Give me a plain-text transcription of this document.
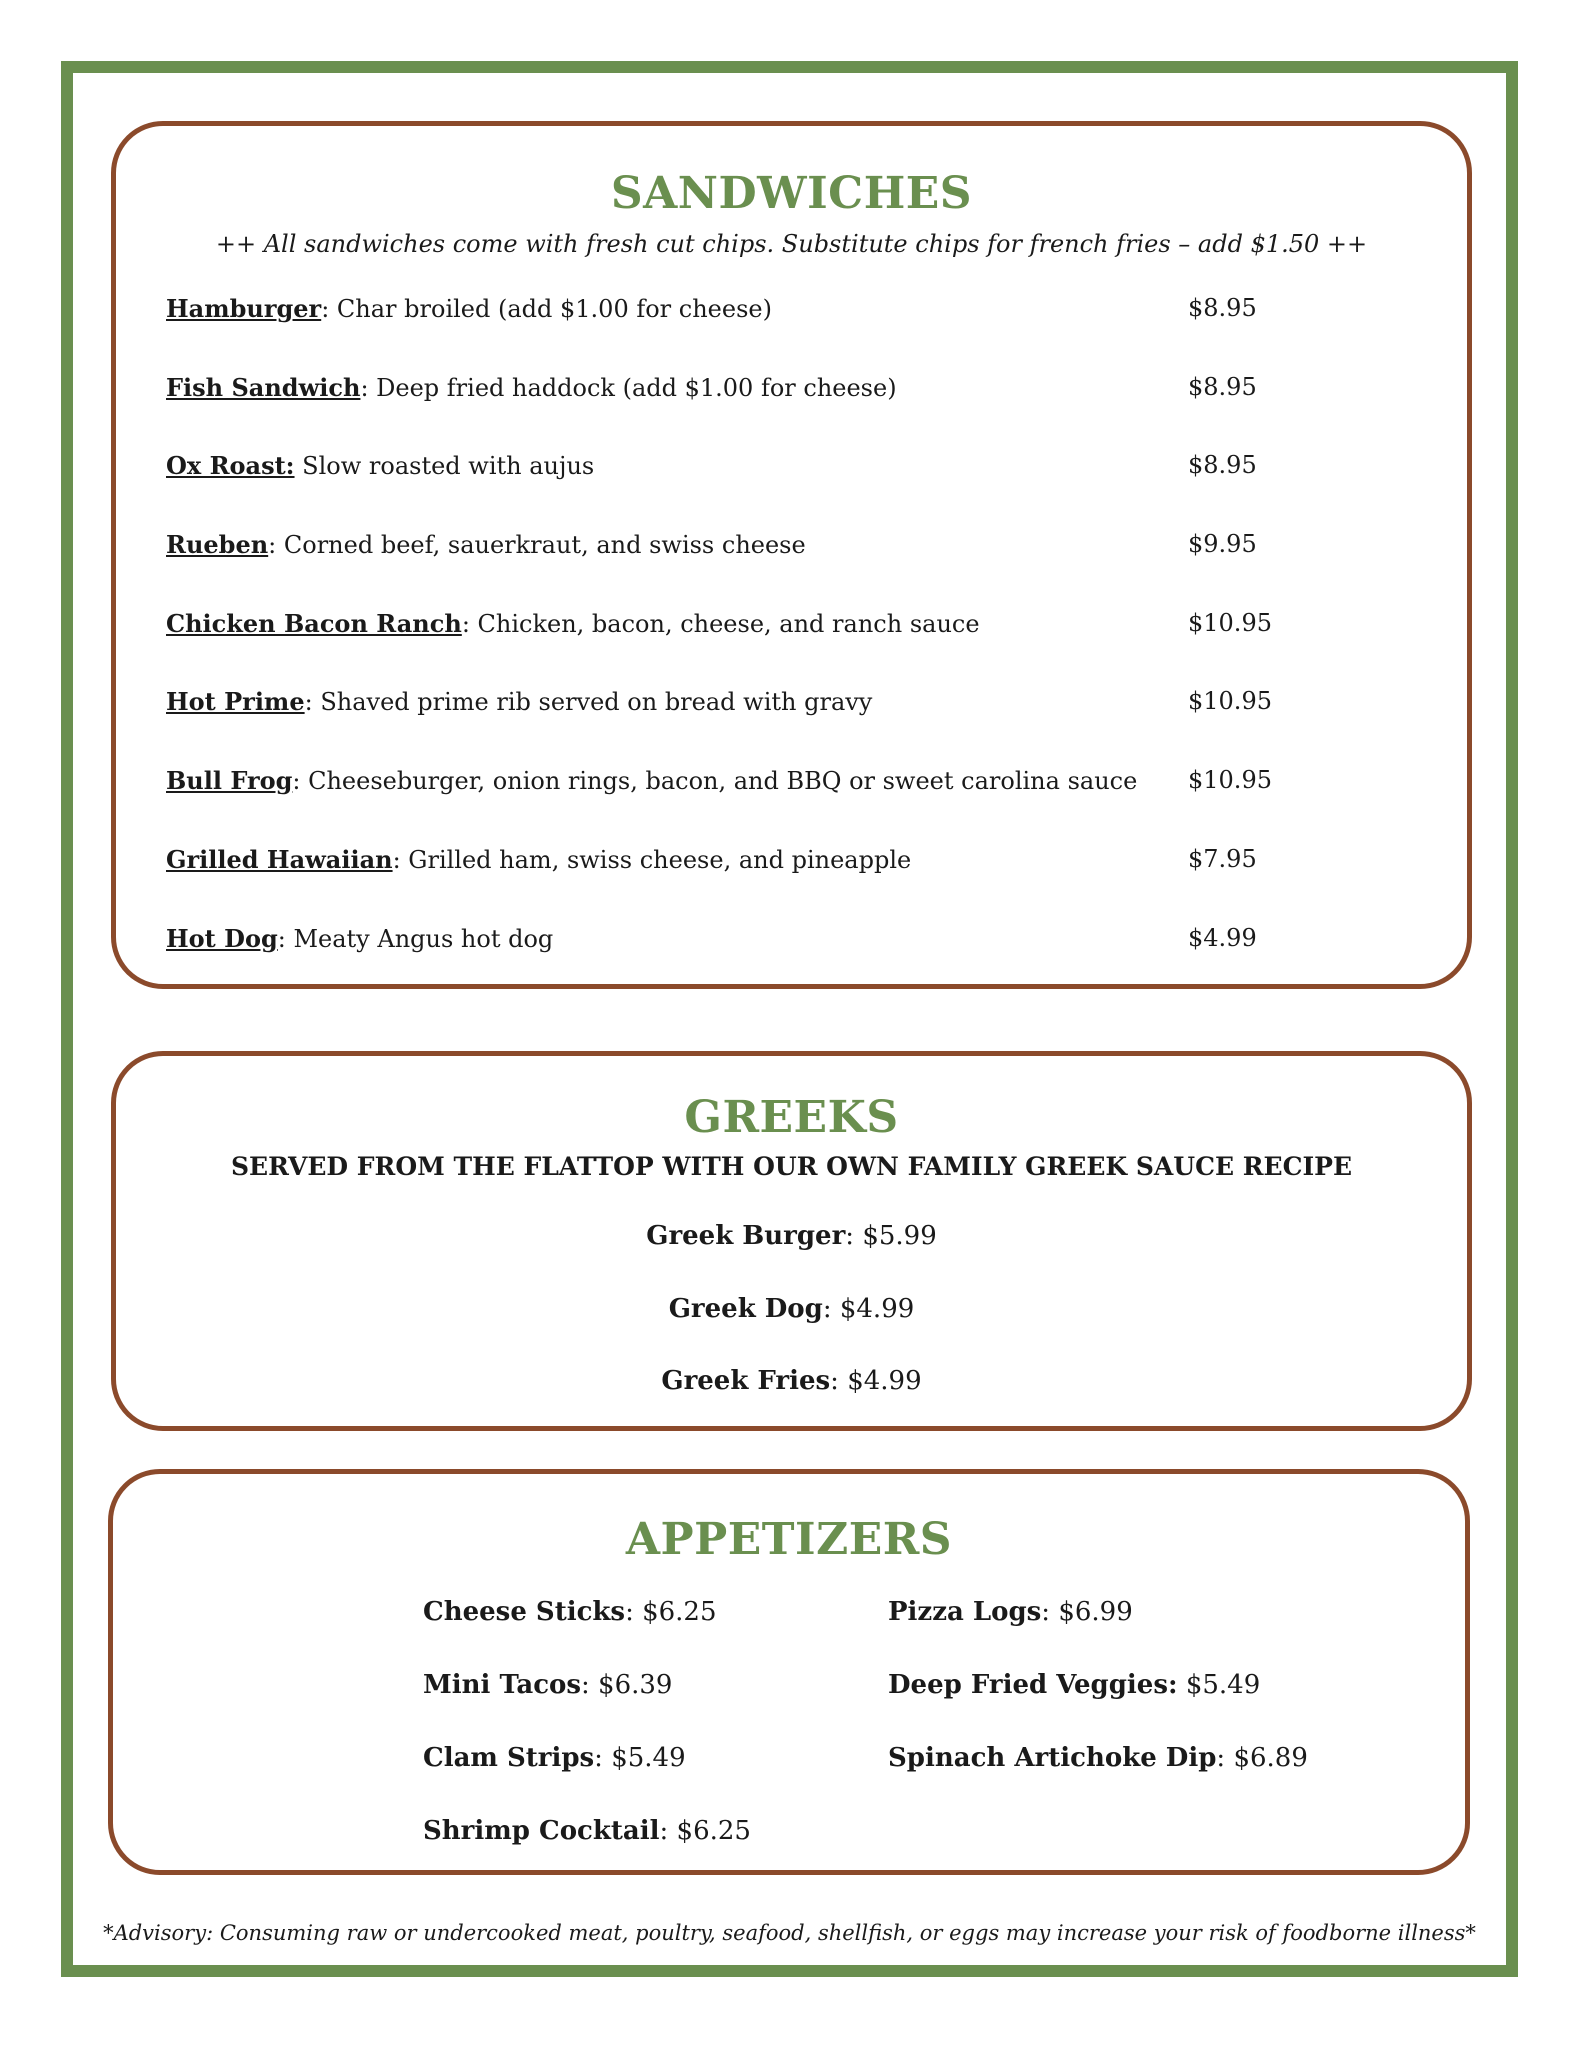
SANDWICHES
++ All sandwiches come with fresh cut chips. Substitute chips for french fries – add $1.50 ++
Hamburger: Char broiled (add $1.00 for cheese)	$8.95
Fish Sandwich: Deep fried haddock (add $1.00 for cheese)	$8.95
Ox Roast: Slow roasted with aujus	$8.95
Rueben: Corned beef, sauerkraut, and swiss cheese	$9.95
Chicken Bacon Ranch: Chicken, bacon, cheese, and ranch sauce	$10.95
Hot Prime: Shaved prime rib served on bread with gravy	$10.95
Bull Frog: Cheeseburger, onion rings, bacon, and BBQ or sweet carolina sauce $10.95
Grilled Hawaiian: Grilled ham, swiss cheese, and pineapple	$7.95
Hot Dog: Meaty Angus hot dog	$4.99
GREEKS
SERVED FROM THE FLATTOP WITH OUR OWN FAMILY GREEK SAUCE RECIPE
Greek Burger: $5.99
Greek Dog: $4.99
Greek Fries: $4.99
APPETIZERS
Cheese Sticks: $6.25
Mini Tacos: $6.39
Clam Strips: $5.49
Shrimp Cocktail: $6.25
Pizza Logs: $6.99
Deep Fried Veggies: $5.49
Spinach Artichoke Dip: $6.89
*Advisory: Consuming raw or undercooked meat, poultry, seafood, shellfish, or eggs may increase your risk of foodborne illness*
